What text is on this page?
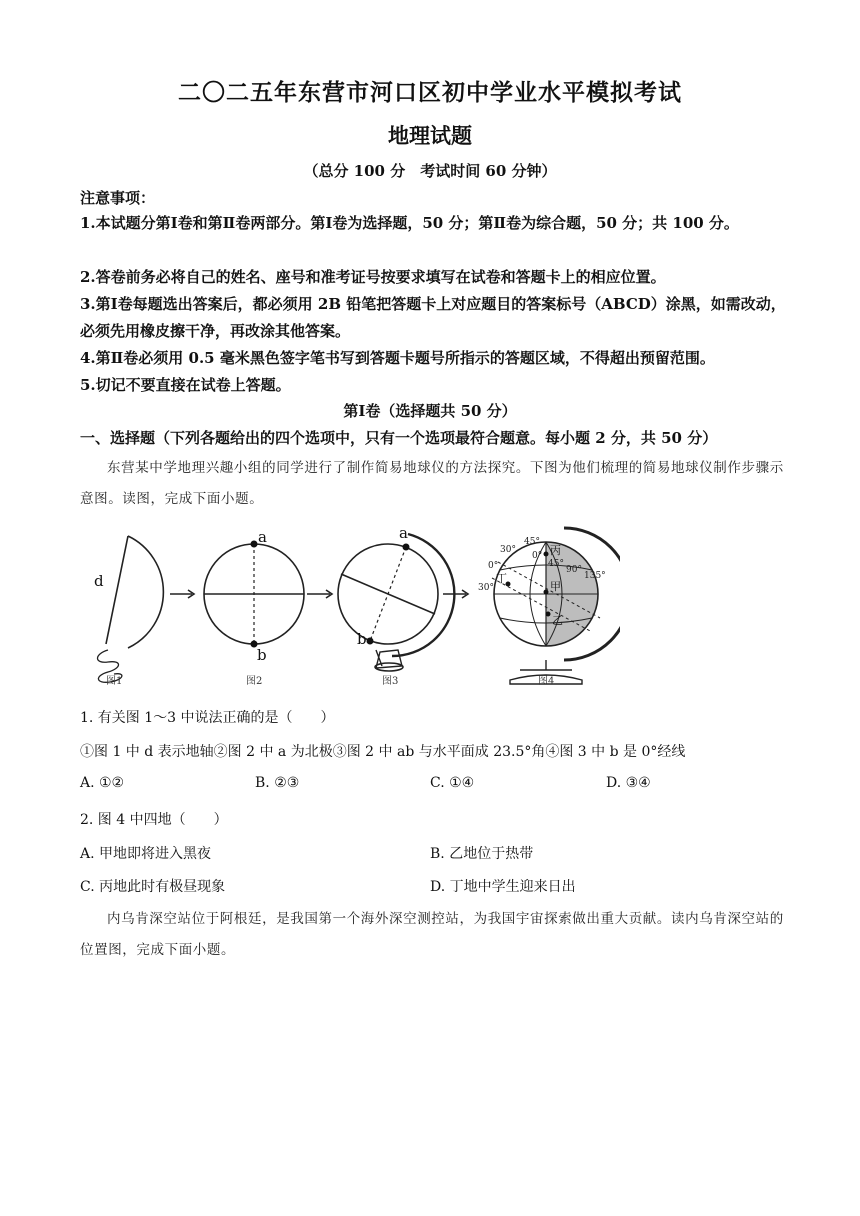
二〇二五年东营市河口区初中学业水平模拟考试
地理试题
（总分 100 分　考试时间 60 分钟）
注意事项：
1.本试题分第Ⅰ卷和第Ⅱ卷两部分。第Ⅰ卷为选择题，50 分；第Ⅱ卷为综合题，50 分；共 100 分。
2.答卷前务必将自己的姓名、座号和准考证号按要求填写在试卷和答题卡上的相应位置。
3.第Ⅰ卷每题选出答案后，都必须用 2B 铅笔把答题卡上对应题目的答案标号（ABCD）涂黑，如需改动，必须先用橡皮擦干净，再改涂其他答案。
4.第Ⅱ卷必须用 0.5 毫米黑色签字笔书写到答题卡题号所指示的答题区域，不得超出预留范围。
5.切记不要直接在试卷上答题。
第Ⅰ卷（选择题共 50 分）
一、选择题（下列各题给出的四个选项中，只有一个选项最符合题意。每小题 2 分，共 50 分）
东营某中学地理兴趣小组的同学进行了制作简易地球仪的方法探究。下图为他们梳理的简易地球仪制作步骤示意图。读图，完成下面小题。
d
a
b
a
b
30°
45°
0°
45°
90°
135°
0°
30°
丙
甲
乙
丁
图1	图2	图3	图4
1. 有关图 1～3 中说法正确的是（　　）
①图 1 中 d 表示地轴②图 2 中 a 为北极③图 2 中 ab 与水平面成 23.5°角④图 3 中 b 是 0°经线
A. ①②	B. ②③	C. ①④	D. ③④
2. 图 4 中四地（　　）
A. 甲地即将进入黑夜	B. 乙地位于热带
C. 丙地此时有极昼现象	D. 丁地中学生迎来日出
内乌肯深空站位于阿根廷，是我国第一个海外深空测控站，为我国宇宙探索做出重大贡献。读内乌肯深空站的位置图，完成下面小题。
